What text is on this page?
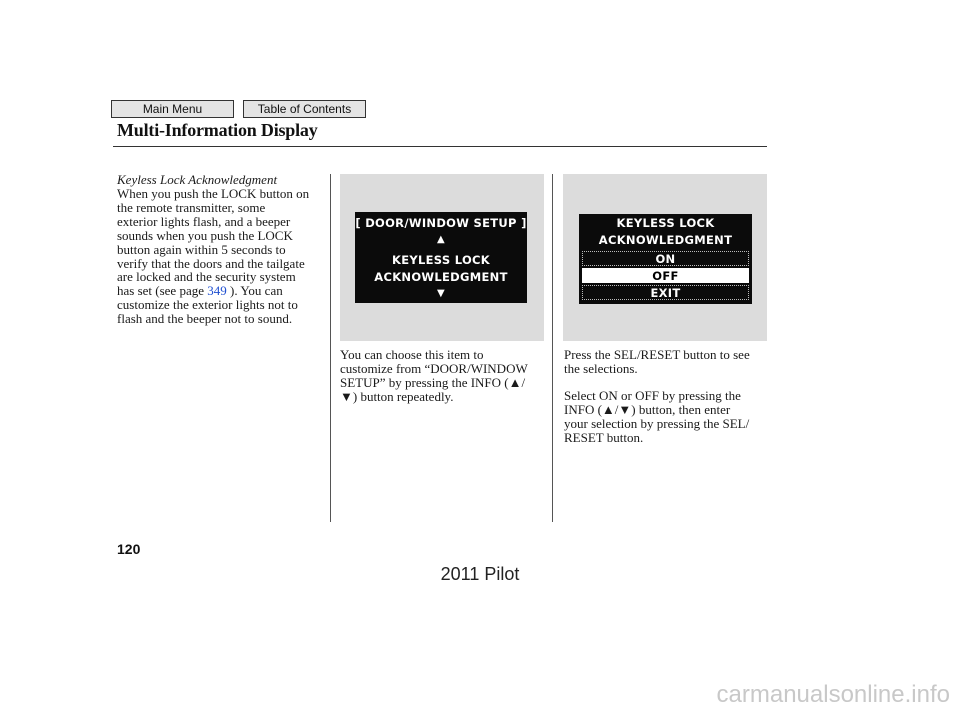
Main Menu	Table of Contents
Multi-Information Display
Keyless Lock Acknowledgment
When you push the LOCK button on
the remote transmitter, some
exterior lights flash, and a beeper
sounds when you push the LOCK
button again within 5 seconds to
verify that the doors and the tailgate
are locked and the security system
has set (see page 349 ). You can
customize the exterior lights not to
flash and the beeper not to sound.
[ DOOR/WINDOW SETUP ]
▲
KEYLESS LOCK
ACKNOWLEDGMENT
▼
You can choose this item to
customize from “DOOR/WINDOW
SETUP” by pressing the INFO (▲/
▼) button repeatedly.
KEYLESS LOCK
ACKNOWLEDGMENT
ON
OFF
EXIT
Press the SEL/RESET button to see
the selections.
Select ON or OFF by pressing the
INFO (▲/▼) button, then enter
your selection by pressing the SEL/
RESET button.
120
2011 Pilot
carmanualsonline.info
